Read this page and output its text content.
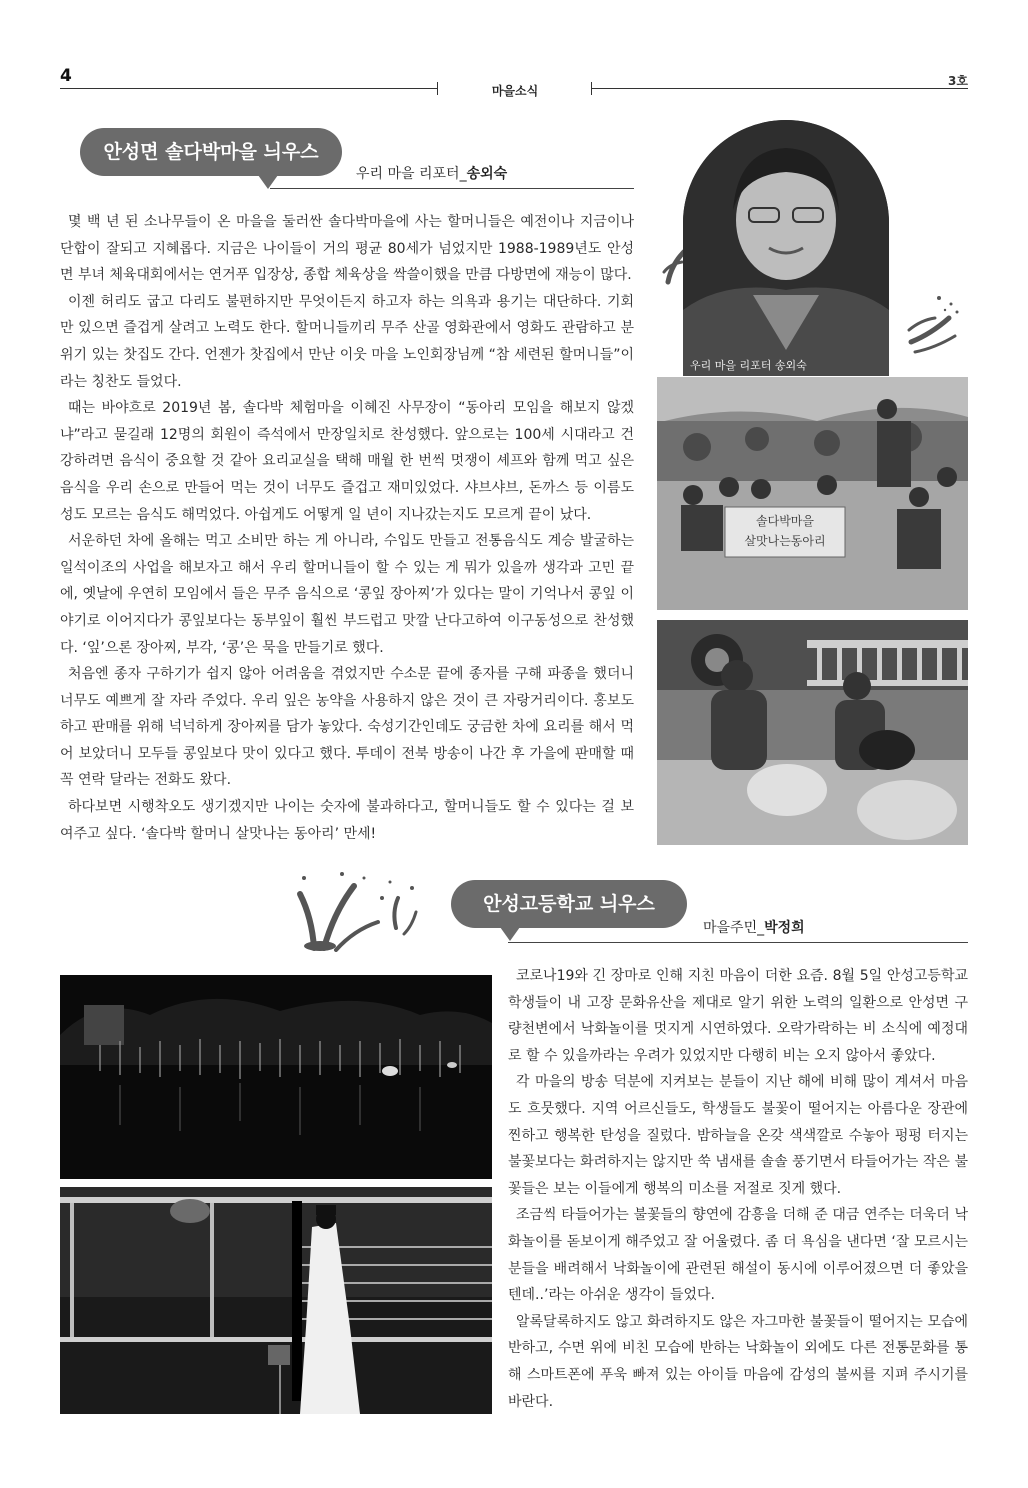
4
마을소식
3호
안성면 솔다박마을 늬우스
우리 마을 리포터_송외숙

몇 백 년 된 소나무들이 온 마을을 둘러싼 솔다박마을에 사는 할머니들은 예전이나 지금이나 단합이 잘되고 지혜롭다. 지금은 나이들이 거의 평균 80세가 넘었지만 1988-1989년도 안성면 부녀 체육대회에서는 연거푸 입장상, 종합 체육상을 싹쓸이했을 만큼 다방면에 재능이 많다.

이젠 허리도 굽고 다리도 불편하지만 무엇이든지 하고자 하는 의욕과 용기는 대단하다. 기회만 있으면 즐겁게 살려고 노력도 한다. 할머니들끼리 무주 산골 영화관에서 영화도 관람하고 분위기 있는 찻집도 간다. 언젠가 찻집에서 만난 이웃 마을 노인회장님께 “참 세련된 할머니들”이라는 칭찬도 들었다.

때는 바야흐로 2019년 봄, 솔다박 체험마을 이혜진 사무장이 “동아리 모임을 해보지 않겠냐”라고 묻길래 12명의 회원이 즉석에서 만장일치로 찬성했다. 앞으로는 100세 시대라고 건강하려면 음식이 중요할 것 같아 요리교실을 택해 매월 한 번씩 멋쟁이 셰프와 함께 먹고 싶은 음식을 우리 손으로 만들어 먹는 것이 너무도 즐겁고 재미있었다. 샤브샤브, 돈까스 등 이름도 성도 모르는 음식도 해먹었다. 아쉽게도 어떻게 일 년이 지나갔는지도 모르게 끝이 났다.

서운하던 차에 올해는 먹고 소비만 하는 게 아니라, 수입도 만들고 전통음식도 계승 발굴하는 일석이조의 사업을 해보자고 해서 우리 할머니들이 할 수 있는 게 뭐가 있을까 생각과 고민 끝에, 옛날에 우연히 모임에서 들은 무주 음식으로 ‘콩잎 장아찌’가 있다는 말이 기억나서 콩잎 이야기로 이어지다가 콩잎보다는 동부잎이 훨씬 부드럽고 맛깔 난다고하여 이구동성으로 찬성했다. ‘잎’으론 장아찌, 부각, ‘콩’은 묵을 만들기로 했다.

처음엔 종자 구하기가 쉽지 않아 어려움을 겪었지만 수소문 끝에 종자를 구해 파종을 했더니 너무도 예쁘게 잘 자라 주었다. 우리 잎은 농약을 사용하지 않은 것이 큰 자랑거리이다. 홍보도 하고 판매를 위해 넉넉하게 장아찌를 담가 놓았다. 숙성기간인데도 궁금한 차에 요리를 해서 먹어 보았더니 모두들 콩잎보다 맛이 있다고 했다. 투데이 전북 방송이 나간 후 가을에 판매할 때 꼭 연락 달라는 전화도 왔다.

하다보면 시행착오도 생기겠지만 나이는 숫자에 불과하다고, 할머니들도 할 수 있다는 걸 보여주고 싶다. ‘솔다박 할머니 살맛나는 동아리’ 만세!

우리 마을 리포터 송외숙
솔다박마을
살맛나는동아리
안성고등학교 늬우스
마을주민_박정희

코로나19와 긴 장마로 인해 지친 마음이 더한 요즘. 8월 5일 안성고등학교 학생들이 내 고장 문화유산을 제대로 알기 위한 노력의 일환으로 안성면 구량천변에서 낙화놀이를 멋지게 시연하였다. 오락가락하는 비 소식에 예정대로 할 수 있을까라는 우려가 있었지만 다행히 비는 오지 않아서 좋았다.

각 마을의 방송 덕분에 지켜보는 분들이 지난 해에 비해 많이 계셔서 마음도 흐뭇했다. 지역 어르신들도, 학생들도 불꽃이 떨어지는 아름다운 장관에 찐하고 행복한 탄성을 질렀다. 밤하늘을 온갖 색색깔로 수놓아 펑펑 터지는 불꽃보다는 화려하지는 않지만 쑥 냄새를 솔솔 풍기면서 타들어가는 작은 불꽃들은 보는 이들에게 행복의 미소를 저절로 짓게 했다.

조금씩 타들어가는 불꽃들의 향연에 감흥을 더해 준 대금 연주는 더욱더 낙화놀이를 돋보이게 해주었고 잘 어울렸다. 좀 더 욕심을 낸다면 ‘잘 모르시는 분들을 배려해서 낙화놀이에 관련된 해설이 동시에 이루어졌으면 더 좋았을 텐데..’라는 아쉬운 생각이 들었다.

알록달록하지도 않고 화려하지도 않은 자그마한 불꽃들이 떨어지는 모습에 반하고, 수면 위에 비친 모습에 반하는 낙화놀이 외에도 다른 전통문화를 통해 스마트폰에 푸욱 빠져 있는 아이들 마음에 감성의 불씨를 지펴 주시기를 바란다.
